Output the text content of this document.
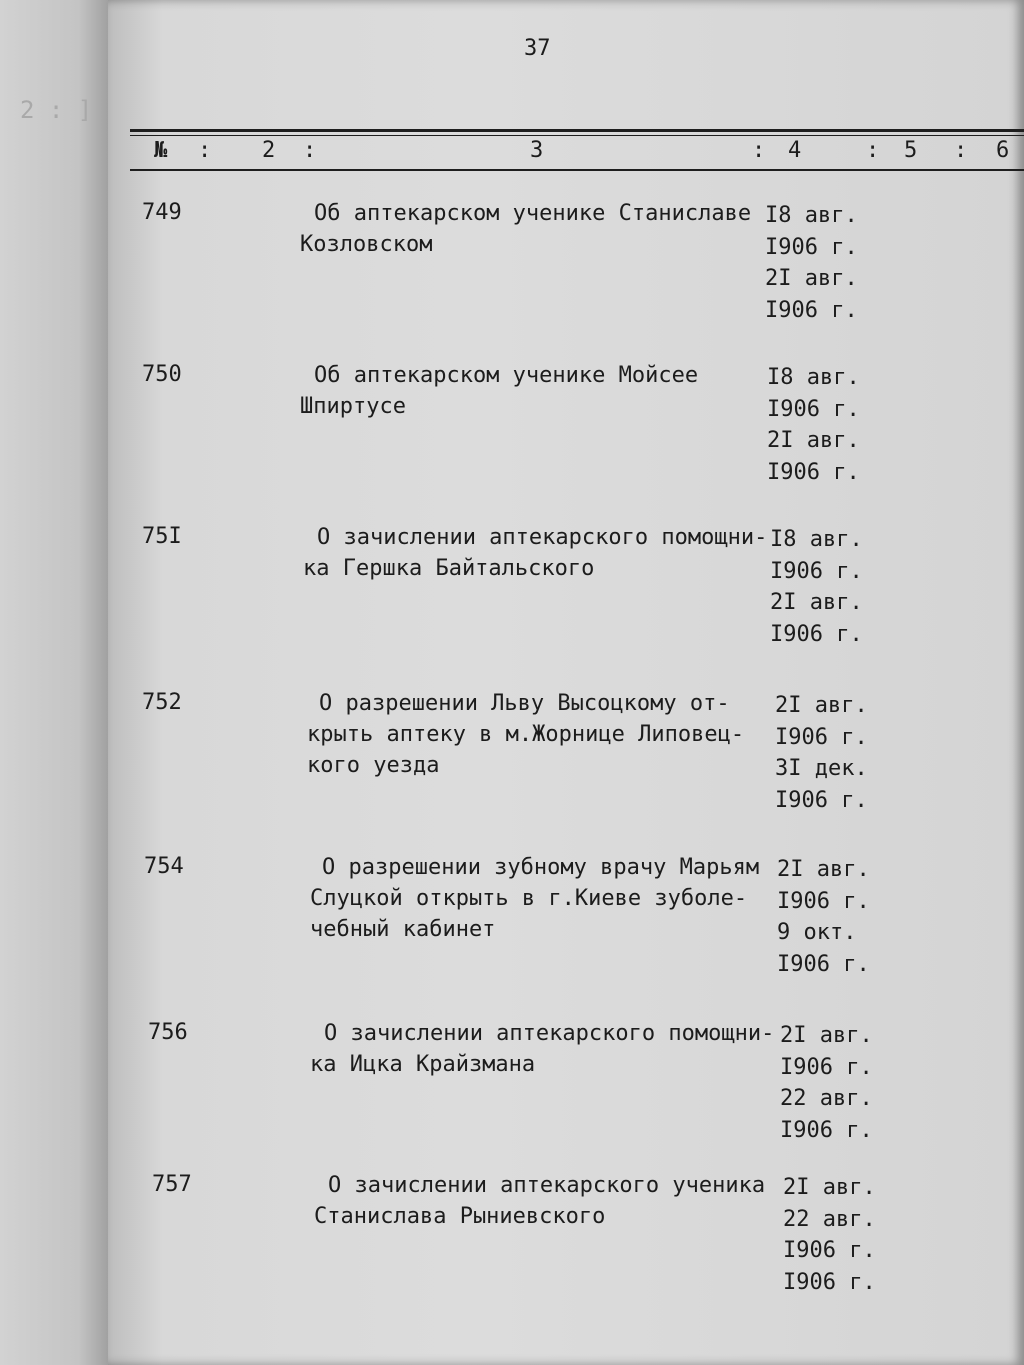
2 : ]
37
№ : 2 :	3	: 4	: 5 : 6
749	Об аптекарском ученике Станиславе
Козловском
I8 авг.
I906 г.
2I авг.
I906 г.
750	Об аптекарском ученике Мойсее
Шпиртусе
I8 авг.
I906 г.
2I авг.
I906 г.
75I	О зачислении аптекарского помощни-
ка Гершка Байтальского
I8 авг.
I906 г.
2I авг.
I906 г.
752	О разрешении Льву Высоцкому от-
крыть аптеку в м.Жорнице Липовец-
кого уезда
2I авг.
I906 г.
3I дек.
I906 г.
754	О разрешении зубному врачу Марьям
Слуцкой открыть в г.Киеве зуболе-
чебный кабинет
2I авг.
I906 г.
9 окт.
I906 г.
756	О зачислении аптекарского помощни-
ка Ицка Крайзмана
2I авг.
I906 г.
22 авг.
I906 г.
757	О зачислении аптекарского ученика
Станислава Рыниевского
2I авг.
22 авг.
I906 г.
I906 г.
